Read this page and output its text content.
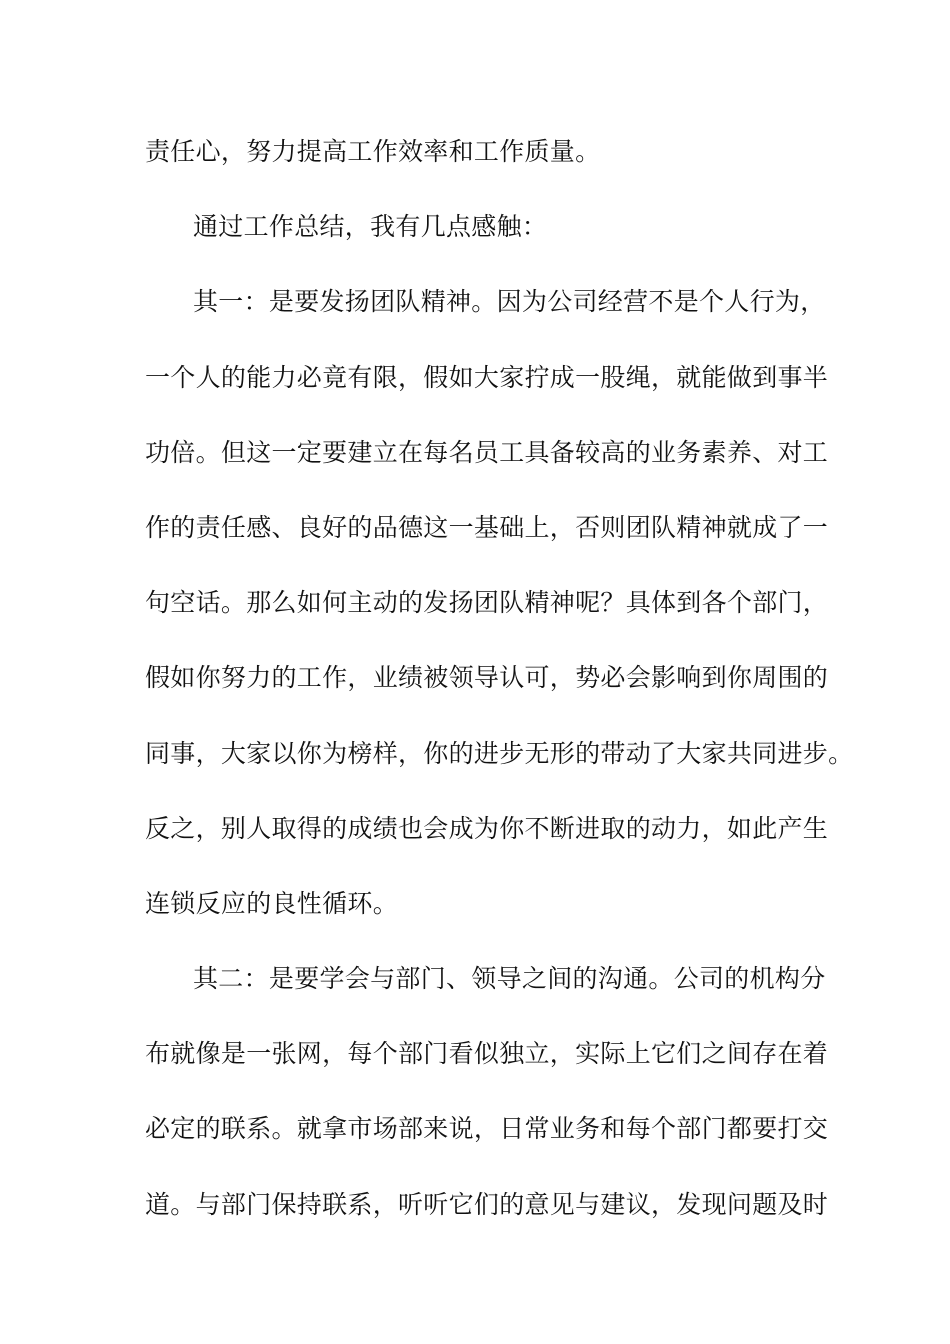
责任心，努力提高工作效率和工作质量。
通过工作总结，我有几点感触：
其一：是要发扬团队精神。因为公司经营不是个人行为，
一个人的能力必竟有限，假如大家拧成一股绳，就能做到事半
功倍。但这一定要建立在每名员工具备较高的业务素养、对工
作的责任感、良好的品德这一基础上，否则团队精神就成了一
句空话。那么如何主动的发扬团队精神呢？具体到各个部门，
假如你努力的工作，业绩被领导认可，势必会影响到你周围的
同事，大家以你为榜样，你的进步无形的带动了大家共同进步。
反之，别人取得的成绩也会成为你不断进取的动力，如此产生
连锁反应的良性循环。
其二：是要学会与部门、领导之间的沟通。公司的机构分
布就像是一张网，每个部门看似独立，实际上它们之间存在着
必定的联系。就拿市场部来说，日常业务和每个部门都要打交
道。与部门保持联系，听听它们的意见与建议，发现问题及时
